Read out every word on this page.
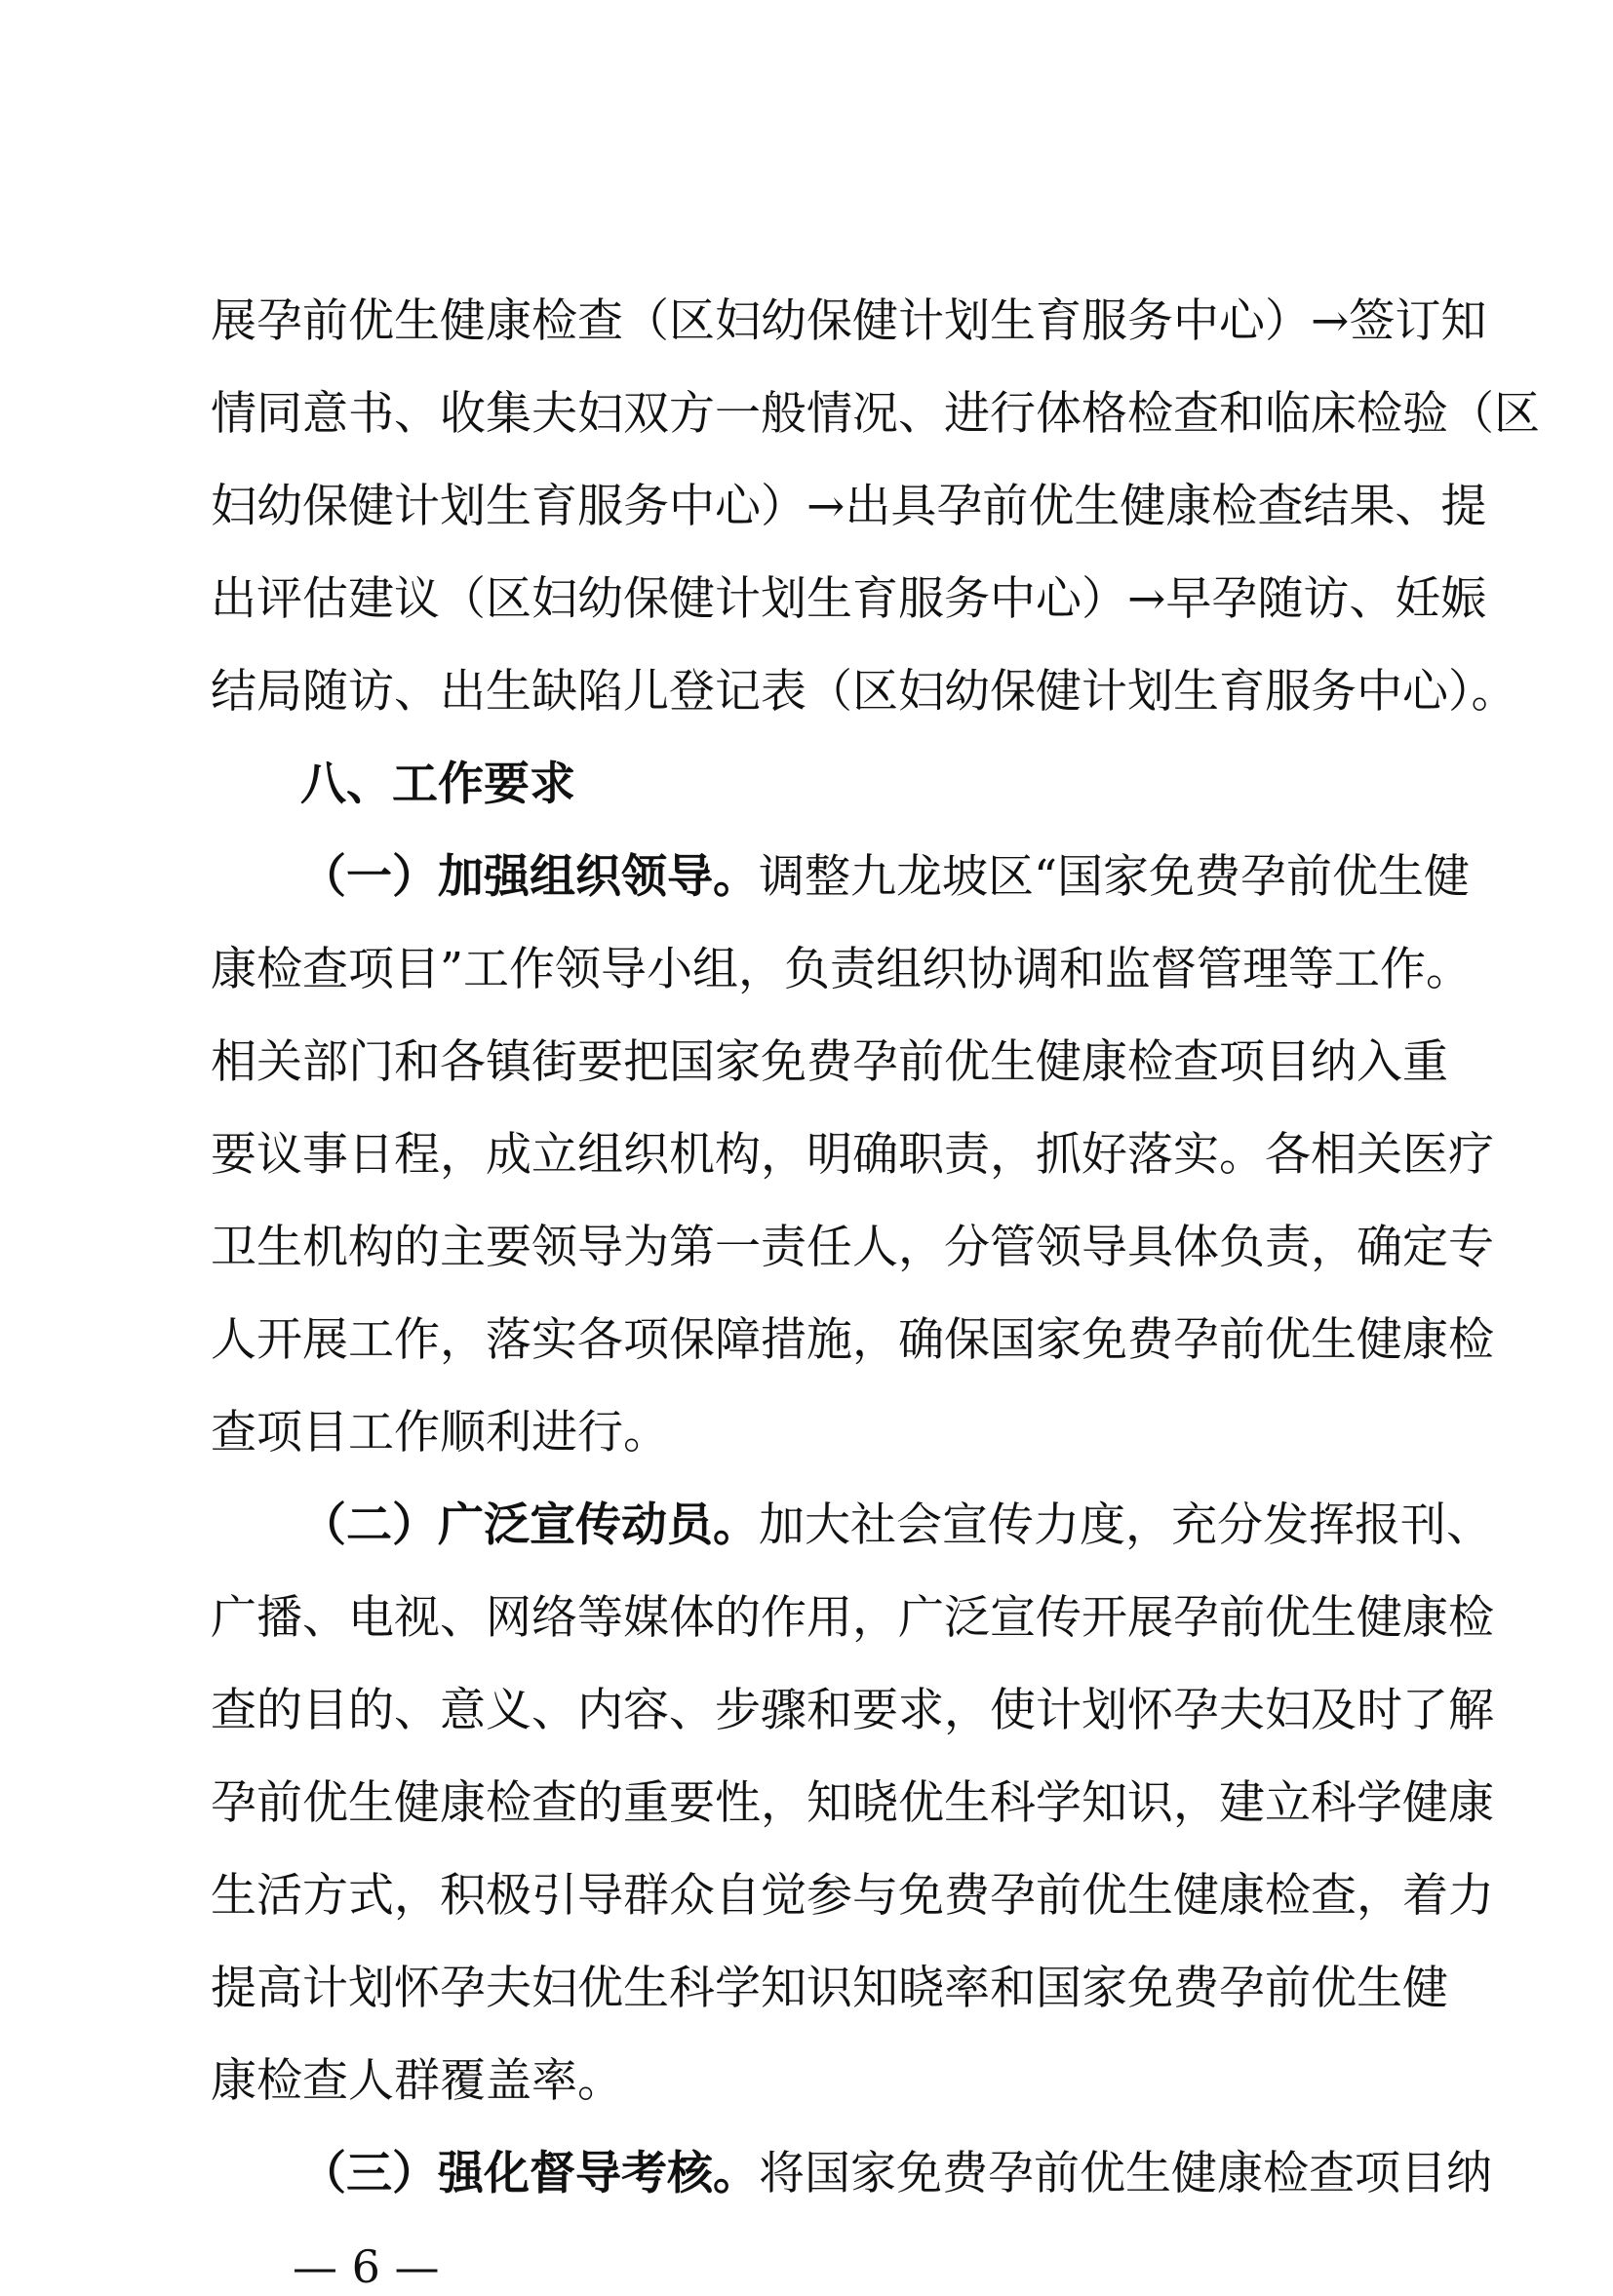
展孕前优生健康检查（区妇幼保健计划生育服务中心）→签订知
情同意书、收集夫妇双方一般情况、进行体格检查和临床检验（区
妇幼保健计划生育服务中心）→出具孕前优生健康检查结果、提
出评估建议（区妇幼保健计划生育服务中心）→早孕随访、妊娠
结局随访、出生缺陷儿登记表（区妇幼保健计划生育服务中心）。
八、工作要求
（一）加强组织领导。调整九龙坡区“国家免费孕前优生健
康检查项目”工作领导小组，负责组织协调和监督管理等工作。
相关部门和各镇街要把国家免费孕前优生健康检查项目纳入重
要议事日程，成立组织机构，明确职责，抓好落实。各相关医疗
卫生机构的主要领导为第一责任人，分管领导具体负责，确定专
人开展工作，落实各项保障措施，确保国家免费孕前优生健康检
查项目工作顺利进行。
（二）广泛宣传动员。加大社会宣传力度，充分发挥报刊、
广播、电视、网络等媒体的作用，广泛宣传开展孕前优生健康检
查的目的、意义、内容、步骤和要求，使计划怀孕夫妇及时了解
孕前优生健康检查的重要性，知晓优生科学知识，建立科学健康
生活方式，积极引导群众自觉参与免费孕前优生健康检查，着力
提高计划怀孕夫妇优生科学知识知晓率和国家免费孕前优生健
康检查人群覆盖率。
（三）强化督导考核。将国家免费孕前优生健康检查项目纳
— 6 —
